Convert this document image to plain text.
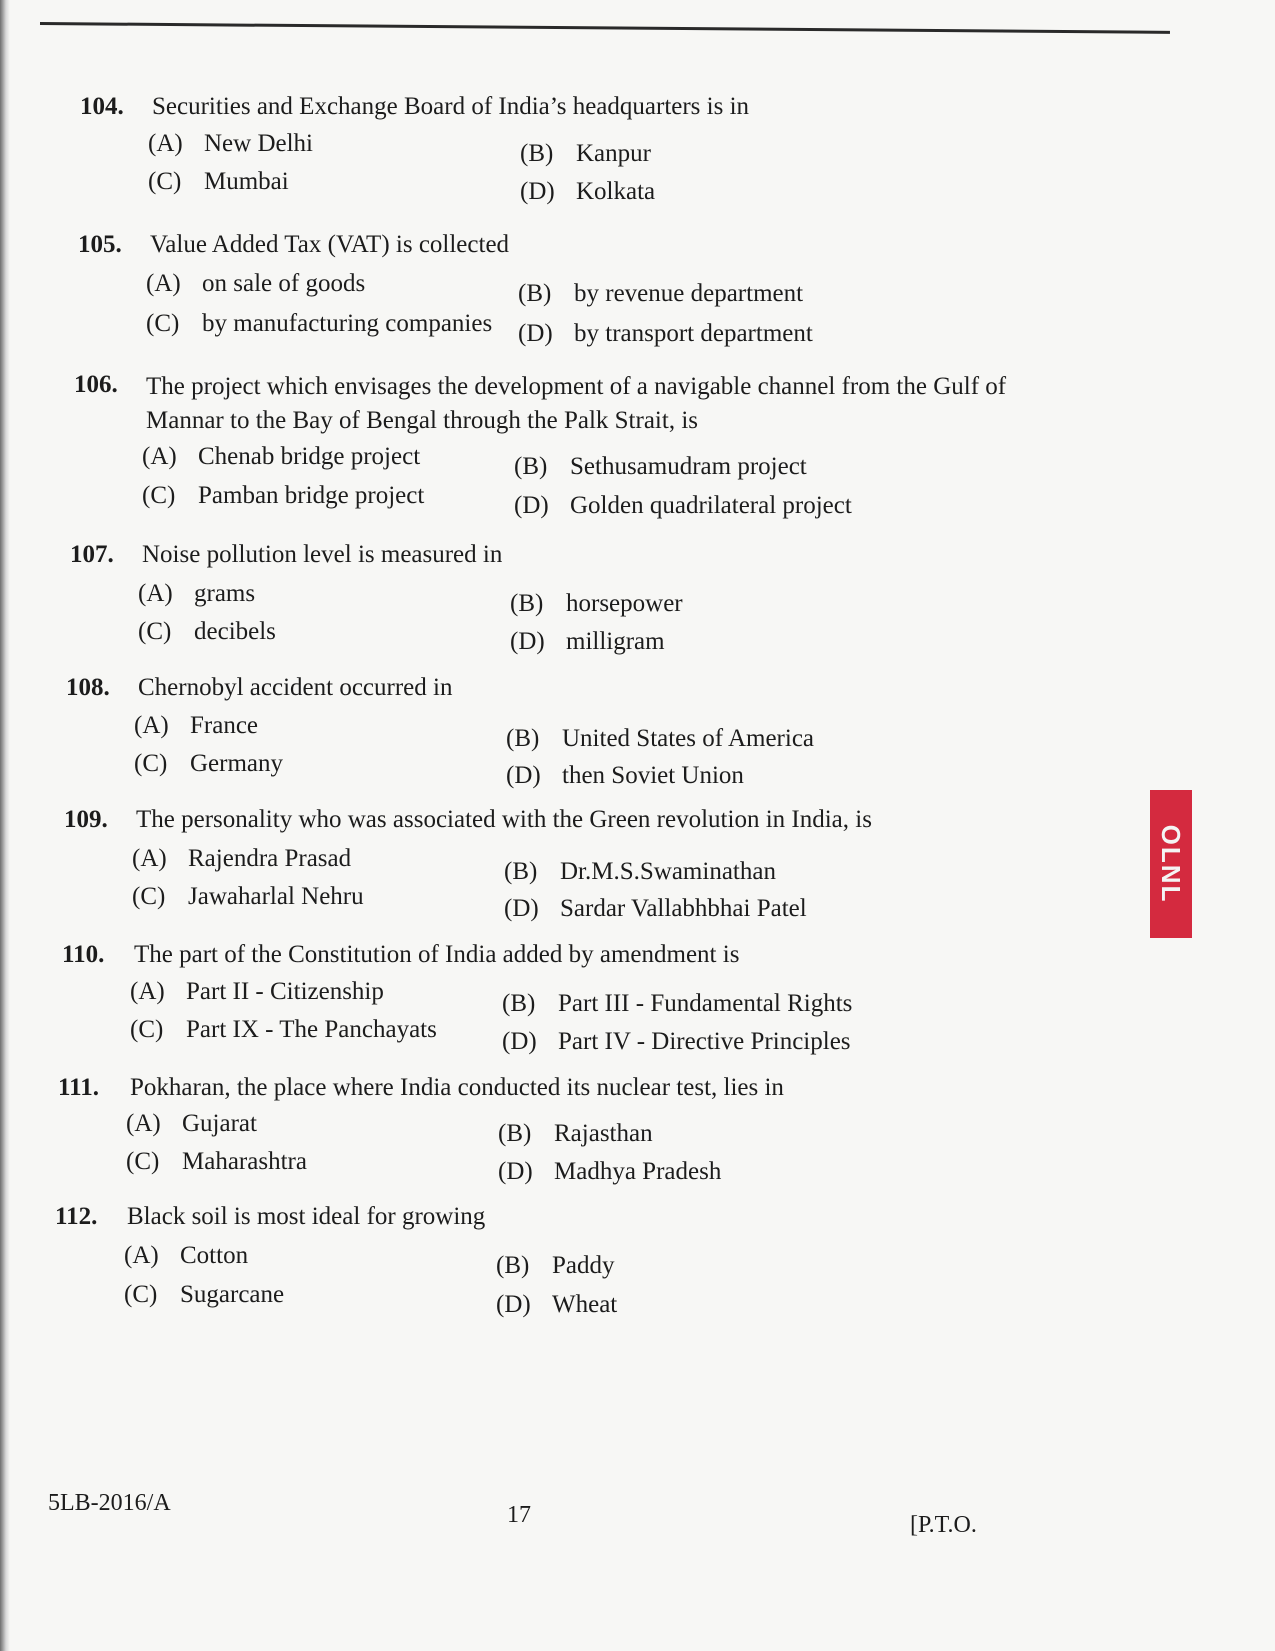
OLNL
104. Securities and Exchange Board of India’s headquarters is in
(A) New Delhi	(B) Kanpur
(C) Mumbai	(D) Kolkata
105. Value Added Tax (VAT) is collected
(A) on sale of goods	(B) by revenue department
(C) by manufacturing companies (D) by transport department
106. The project which envisages the development of a navigable channel from the Gulf of Mannar to the Bay of Bengal through the Palk Strait, is
(A) Chenab bridge project	(B) Sethusamudram project
(C) Pamban bridge project	(D) Golden quadrilateral project
107. Noise pollution level is measured in
(A) grams	(B) horsepower
(C) decibels	(D) milligram
108. Chernobyl accident occurred in
(A) France	(B) United States of America
(C) Germany	(D) then Soviet Union
109. The personality who was associated with the Green revolution in India, is
(A) Rajendra Prasad	(B) Dr.M.S.Swaminathan
(C) Jawaharlal Nehru	(D) Sardar Vallabhbhai Patel
110. The part of the Constitution of India added by amendment is
(A) Part II - Citizenship	(B) Part III - Fundamental Rights
(C) Part IX - The Panchayats	(D) Part IV - Directive Principles
111. Pokharan, the place where India conducted its nuclear test, lies in
(A) Gujarat	(B) Rajasthan
(C) Maharashtra	(D) Madhya Pradesh
112. Black soil is most ideal for growing
(A) Cotton	(B) Paddy
(C) Sugarcane	(D) Wheat
5LB-2016/A	17	[P.T.O.
